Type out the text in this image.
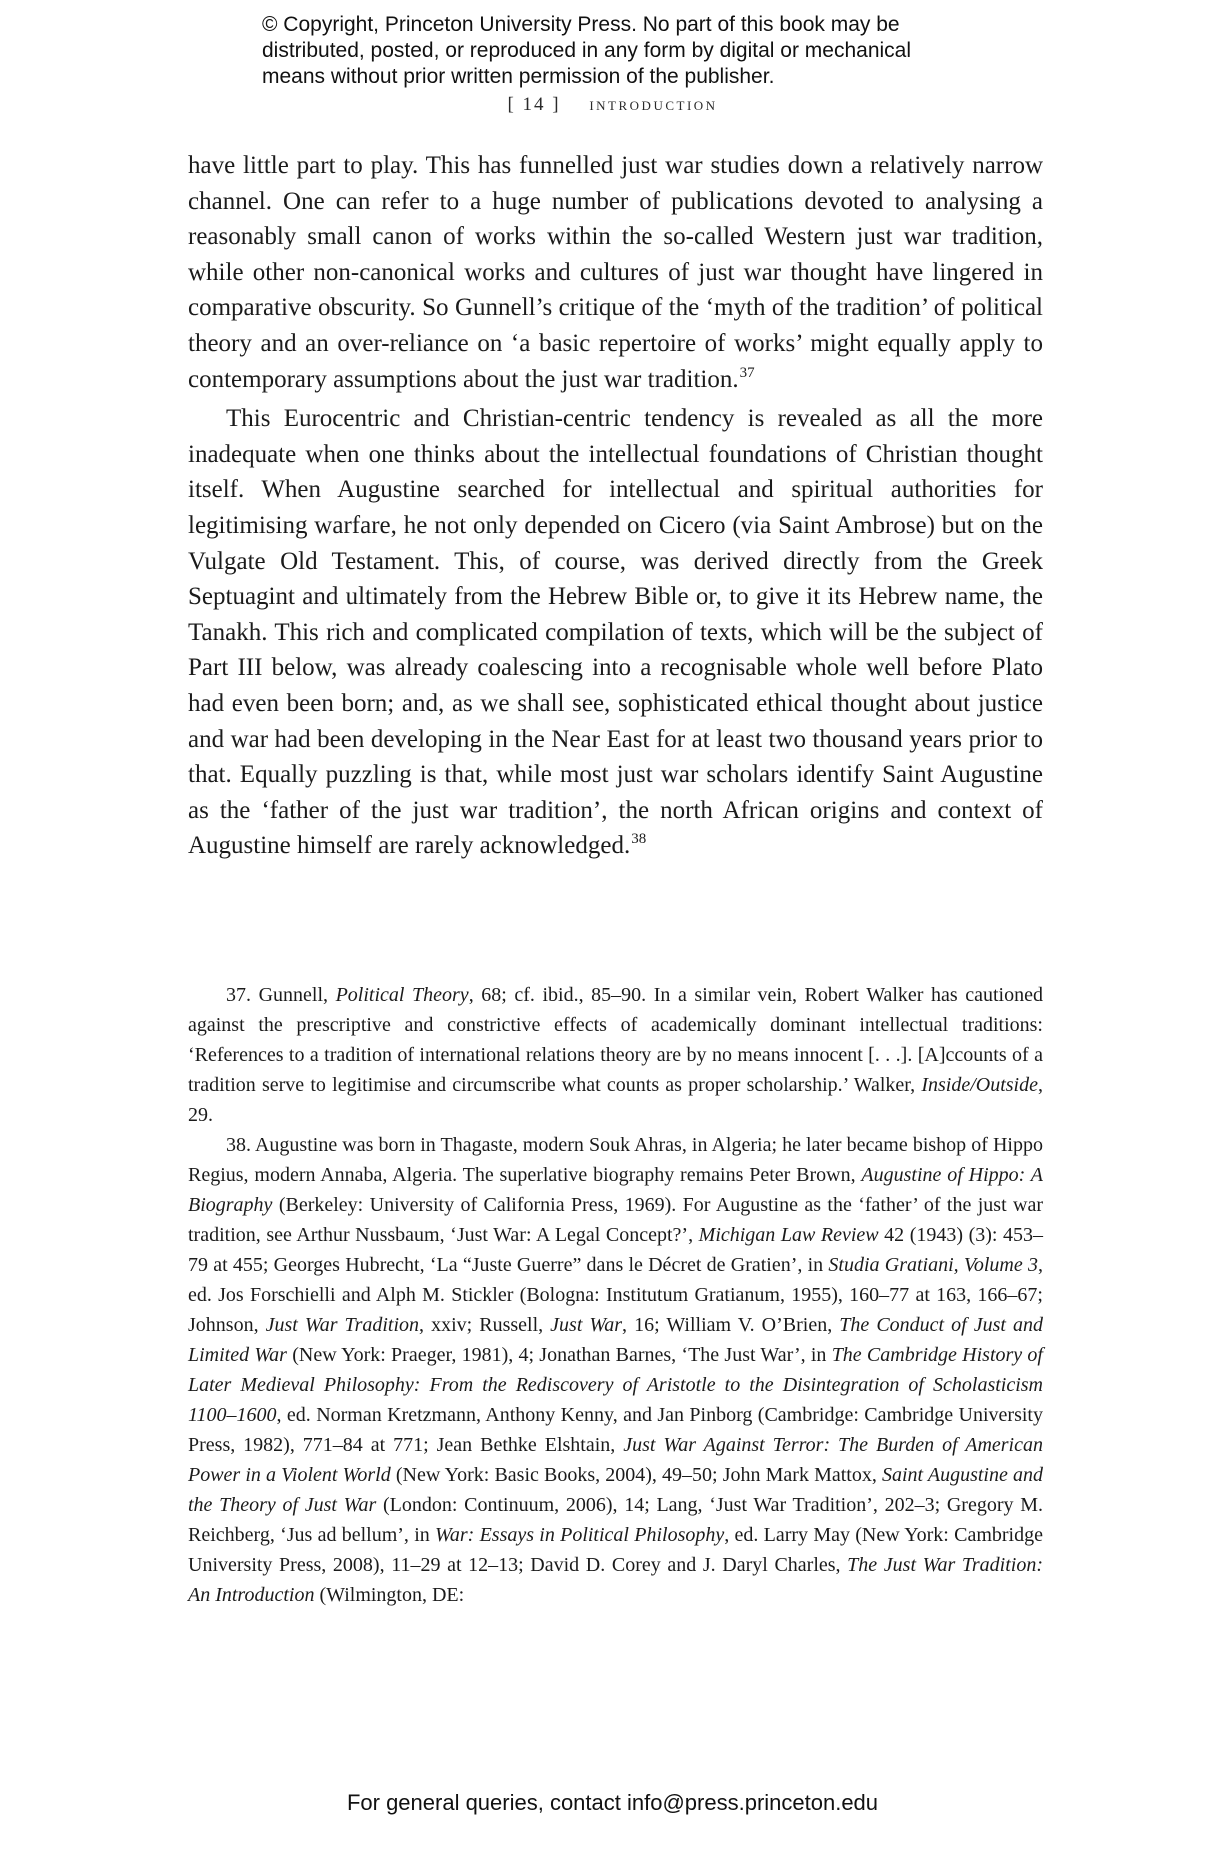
© Copyright, Princeton University Press. No part of this book may be
distributed, posted, or reproduced in any form by digital or mechanical
means without prior written permission of the publisher.
[ 14 ] introduction

have little part to play. This has funnelled just war studies down a relatively narrow channel. One can refer to a huge number of publications devoted to analysing a reasonably small canon of works within the so-called Western just war tradition, while other non-canonical works and cultures of just war thought have lingered in comparative obscurity. So Gunnell’s critique of the ‘myth of the tradition’ of political theory and an over-reliance on ‘a basic repertoire of works’ might equally apply to contemporary assumptions about the just war tradition.$^{37}$

This Eurocentric and Christian-centric tendency is revealed as all the more inadequate when one thinks about the intellectual foundations of Christian thought itself. When Augustine searched for intellectual and spiritual authorities for legitimising warfare, he not only depended on Cicero (via Saint Ambrose) but on the Vulgate Old Testament. This, of course, was derived directly from the Greek Septuagint and ultimately from the Hebrew Bible or, to give it its Hebrew name, the Tanakh. This rich and complicated compilation of texts, which will be the subject of Part III below, was already coalescing into a recognisable whole well before Plato had even been born; and, as we shall see, sophisticated ethical thought about justice and war had been developing in the Near East for at least two thousand years prior to that. Equally puzzling is that, while most just war scholars identify Saint Augustine as the ‘father of the just war tradition’, the north African origins and context of Augustine himself are rarely acknowledged.$^{38}$

37. Gunnell, Political Theory, 68; cf. ibid., 85–90. In a similar vein, Robert Walker has cautioned against the prescriptive and constrictive effects of academically dominant intellectual traditions: ‘References to a tradition of international relations theory are by no means innocent [. . .]. [A]ccounts of a tradition serve to legitimise and circumscribe what counts as proper scholarship.’ Walker, Inside/Outside, 29.

38. Augustine was born in Thagaste, modern Souk Ahras, in Algeria; he later became bishop of Hippo Regius, modern Annaba, Algeria. The superlative biography remains Peter Brown, Augustine of Hippo: A Biography (Berkeley: University of California Press, 1969). For Augustine as the ‘father’ of the just war tradition, see Arthur Nussbaum, ‘Just War: A Legal Concept?’, Michigan Law Review 42 (1943) (3): 453–79 at 455; Georges Hubrecht, ‘La “Juste Guerre” dans le Décret de Gratien’, in Studia Gratiani, Volume 3, ed. Jos Forschielli and Alph M. Stickler (Bologna: Institutum Gratianum, 1955), 160–77 at 163, 166–67; Johnson, Just War Tradition, xxiv; Russell, Just War, 16; William V. O’Brien, The Conduct of Just and Limited War (New York: Praeger, 1981), 4; Jonathan Barnes, ‘The Just War’, in The Cambridge History of Later Medieval Philosophy: From the Rediscovery of Aristotle to the Disintegration of Scholasticism 1100–1600, ed. Norman Kretzmann, Anthony Kenny, and Jan Pinborg (Cambridge: Cambridge University Press, 1982), 771–84 at 771; Jean Bethke Elshtain, Just War Against Terror: The Burden of American Power in a Violent World (New York: Basic Books, 2004), 49–50; John Mark Mattox, Saint Augustine and the Theory of Just War (London: Continuum, 2006), 14; Lang, ‘Just War Tradition’, 202–3; Gregory M. Reichberg, ‘Jus ad bellum’, in War: Essays in Political Philosophy, ed. Larry May (New York: Cambridge University Press, 2008), 11–29 at 12–13; David D. Corey and J. Daryl Charles, The Just War Tradition: An Introduction (Wilmington, DE:

For general queries, contact info@press.princeton.edu
